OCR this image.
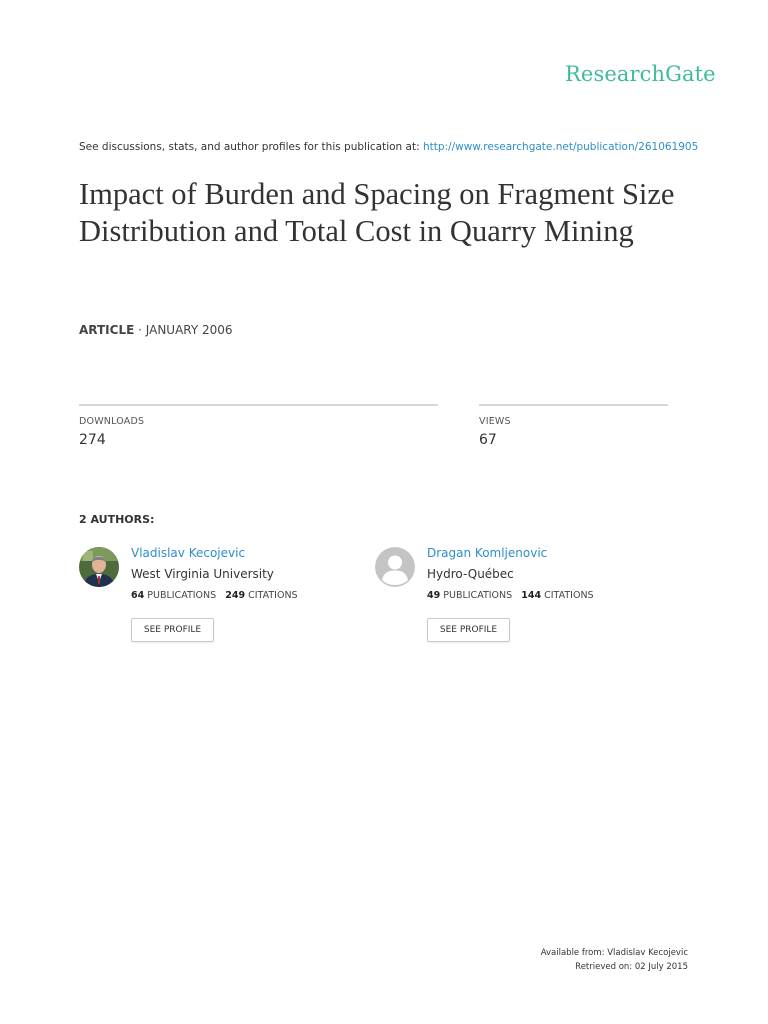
ResearchGate
See discussions, stats, and author profiles for this publication at: http://www.researchgate.net/publication/261061905
Impact of Burden and Spacing on Fragment Size Distribution and Total Cost in Quarry Mining
ARTICLE · JANUARY 2006
DOWNLOADS
274
VIEWS
67
2 AUTHORS:
Vladislav Kecojevic
West Virginia University
64 PUBLICATIONS 249 CITATIONS
SEE PROFILE
Dragan Komljenovic
Hydro-Québec
49 PUBLICATIONS 144 CITATIONS
SEE PROFILE
Available from: Vladislav Kecojevic
Retrieved on: 02 July 2015
